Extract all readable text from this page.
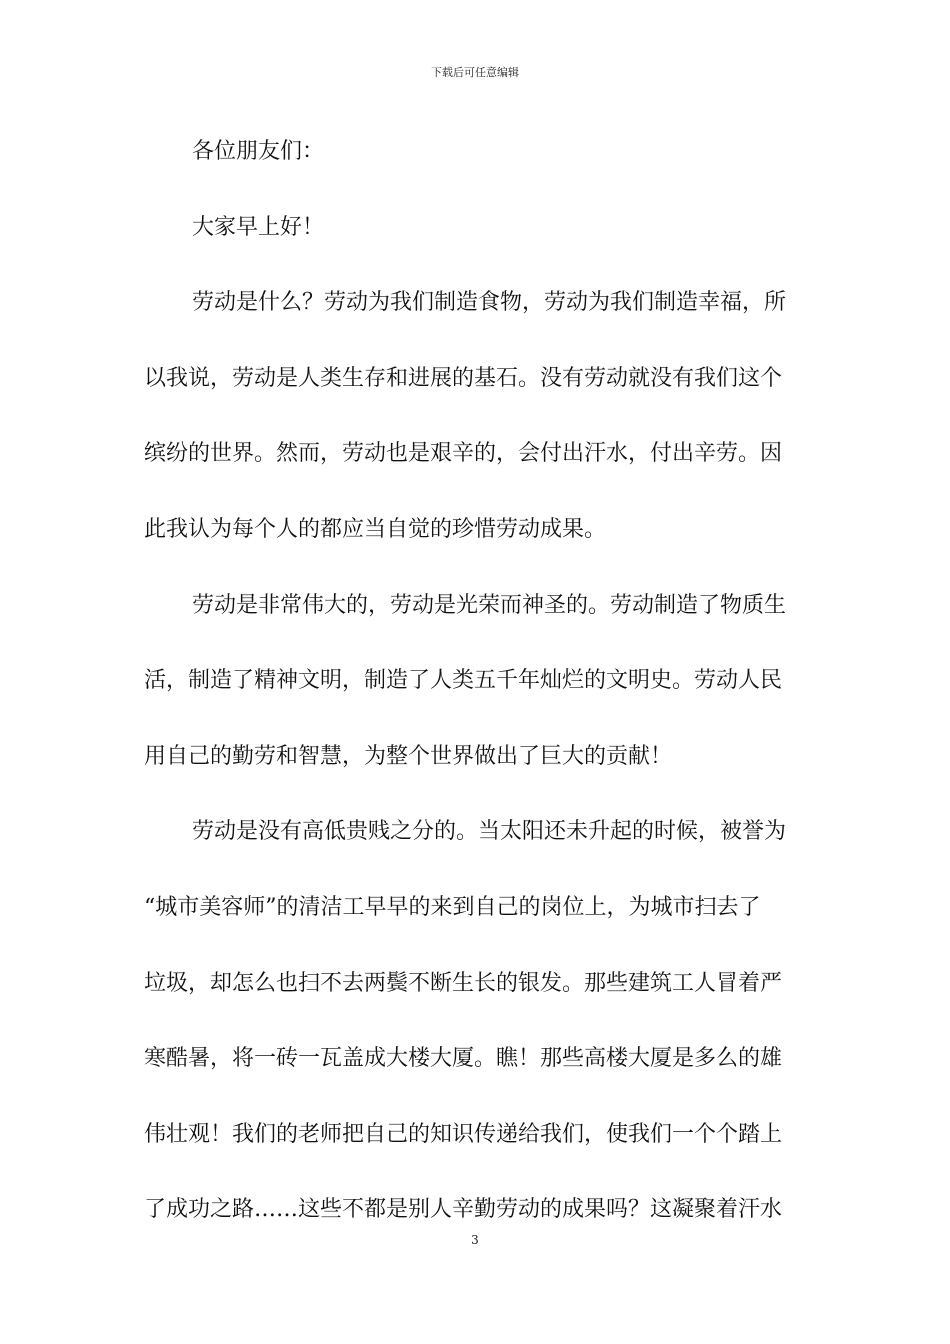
下载后可任意编辑
各位朋友们：
大家早上好！
劳动是什么？劳动为我们制造食物，劳动为我们制造幸福，所
以我说，劳动是人类生存和进展的基石。没有劳动就没有我们这个
缤纷的世界。然而，劳动也是艰辛的，会付出汗水，付出辛劳。因
此我认为每个人的都应当自觉的珍惜劳动成果。
劳动是非常伟大的，劳动是光荣而神圣的。劳动制造了物质生
活，制造了精神文明，制造了人类五千年灿烂的文明史。劳动人民
用自己的勤劳和智慧，为整个世界做出了巨大的贡献！
劳动是没有高低贵贱之分的。当太阳还未升起的时候，被誉为
“城市美容师”的清洁工早早的来到自己的岗位上，为城市扫去了
垃圾，却怎么也扫不去两鬓不断生长的银发。那些建筑工人冒着严
寒酷暑，将一砖一瓦盖成大楼大厦。瞧！那些高楼大厦是多么的雄
伟壮观！我们的老师把自己的知识传递给我们，使我们一个个踏上
了成功之路……这些不都是别人辛勤劳动的成果吗？这凝聚着汗水
3
